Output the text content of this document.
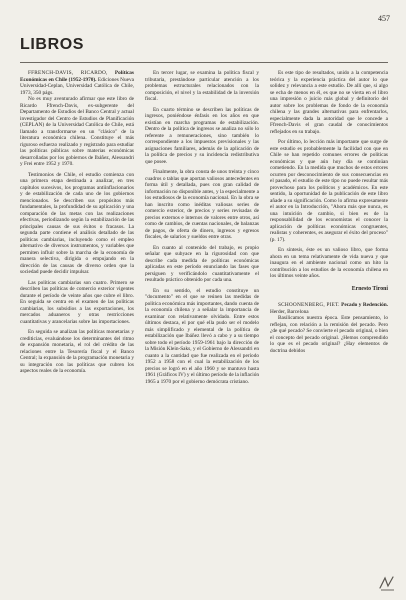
457
LIBROS

FFRENCH-DAVIS, RICARDO, Políticas Económicas en Chile (1952-1970). Ediciones Nueva Universidad-Ceplan, Universidad Católica de Chile, 1973, 350 págs.

No es muy aventurado afirmar que este libro de Ricardo Ffrench-Davis, ex-subgerente del Departamento de Estudios del Banco Central y actual investigador del Centro de Estudios de Planificación (CEPLAN) de la Universidad Católica de Chile, está llamado a transformarse en un "clásico" de la literatura económica chilena. Constituye el más riguroso esfuerzo realizado y registrado para estudiar las políticas públicas sobre materias económicas desarrolladas por los gobiernos de Ibáñez, Alessandri y Frei entre 1952 y 1970.

Testimonios de Chile, el estudio comienza con una primera etapa destinada a analizar, en tres capítulos sucesivos, los programas antiinflacionarios y de estabilización de cada uno de los gobiernos mencionados. Se describen sus propósitos más fundamentales, la profundidad de su aplicación y una comparación de las metas con las realizaciones efectivas, periodizando según la estabilización de las principales causas de sus éxitos o fracasos. La segunda parte contiene el análisis detallado de las políticas cambiarias, incluyendo como el empleo alternativo de diversos instrumentos, y variables que permiten influir sobre la marcha de la economía de manera selectiva, dirigida o empujando en la dirección de las causas de diverso orden que la sociedad puede decidir impulsar.

Las políticas cambiarias son cuatro. Primero se describen las políticas de comercio exterior vigentes durante el período de veinte años que cubre el libro. En seguida se centra en el examen de las políticas cambiarias, los subsidios a las exportaciones, los mercados aduaneros y otras restricciones cuantitativas y arancelarias sobre las importaciones.

En seguida se analizan las políticas monetarias y crediticias, evaluándose los determinantes del ritmo de expansión monetaria, el rol del crédito de las relaciones entre la Tesorería fiscal y el Banco Central; la expansión de la programación monetaria y su integración con las políticas que cubren los aspectos reales de la economía.

En tercer lugar, se examina la política fiscal y tributaria, prestándose particular atención a los problemas estructurales relacionados con la composición, el nivel y la estabilidad de la inversión fiscal.

En cuarto término se describen las políticas de ingresos, poniéndose énfasis en los años en que existían en marcha programas de estabilización. Dentro de la política de ingresos se analiza no sólo lo referente a remuneraciones, sino también lo correspondiente a los impuestos previsionales y las asignaciones familiares, además de la aplicación de la política de precios y su incidencia redistributiva que posee.

Finalmente, la obra consta de unos treinta y cinco cuadros o tablas que aportan valiosos antecedentes en forma útil y detallada, pues con gran calidad de información no disponible antes, y la especialmente a los estudiosos de la economía nacional. En la obra se han inscrito como inéditas valiosas series de comercio exterior, de precios y series revisadas de precios externos e internos de valores entre otros, así como de cambios, de cuentas nacionales, de balanzas de pagos, de oferta de dinero, ingresos y egresos fiscales, de salarios y sueldos entre otras.

En cuanto al contenido del trabajo, es propio señalar que subyace en la rigurosidad con que describe cada medida de políticas económicas aplicadas en este período enunciando las fases que persiguen y verificándolo cuantitativamente el resultado práctico obtenido por cada una.

En su sentido, el estudio constituye un "documento" en el que se reúnen las medidas de política económica más importantes, dando cuenta de la economía chilena y a señalar la importancia de examinar con relativamente olvidado. Entre estos últimos destaca, el por qué ella pudo ser el modelo más simplificado y elemental de la política de estabilización que Ibáñez llevó a cabo y a su tiempo sobre todo el período 1959-1961 bajo la dirección de la Misión Klein-Saks, y el Gobierno de Alessandri en cuanto a la cantidad que fue realizada en el período 1952 a 1958 con el cual la estabilización de los precios se logró en el año 1960 y se mantuvo hasta 1961 (Gráficos IV) y el último período de la inflación 1965 a 1970 por el gobierno demócrata cristiano.

Es este tipo de resultados, unido a la competencia teórica y la experiencia práctica del autor lo que solidez y relevancia a este estudio. De allí que, si algo se echa de menos en él, es que no se vierta en el libro una impresión o juicio más global y definitorio del autor sobre los problemas de fondo de la economía chilena y las grandes alternativas para enfrentarlos, especialmente dada la autoridad que le concede a Ffrench-Davis el gran caudal de conocimientos reflejados en su trabajo.

Por último, lo lección más importante que surge de este estudio es probablemente la facilidad con que en Chile se han repetido comunes errores de políticas económicas y que aún hoy día se continúan cometiendo. En la medida que muchos de estos errores ocurren por desconocimiento de sus consecuencias en el pasado, el estudio de este tipo no puede resultar más provechoso para los políticos y académicos. En este sentido, la oportunidad de la publicación de este libro añade a su significación. Como lo afirma expresamente el autor en la Introducción, "Ahora más que nunca, es una intuición de cambio, si bien es de la responsabilidad de los economistas el conocer la aplicación de políticas económicas congruentes, realistas y coherentes, es asegurar el éxito del proceso" (p. 17).

En síntesis, éste es un valioso libro, que forma ahora en un tema relativamente de vida nueva y que inaugura en el ambiente nacional como un hito la contribución a los estudios de la economía chilena en los últimos veinte años.

Ernesto Tironi

SCHOONENBERG, PIET. Pecado y Redención. Herder, Barcelona

Basilicamos nuestra época. Este pensamiento, lo reflejan, con relación a la remisión del pecado. Pero ¿de qué pecado? Se convierte el pecado original, o bien el concepto del pecado original. ¿Hemos comprendido lo que es el pecado original? ¿Hay elementos de doctrina debidos
